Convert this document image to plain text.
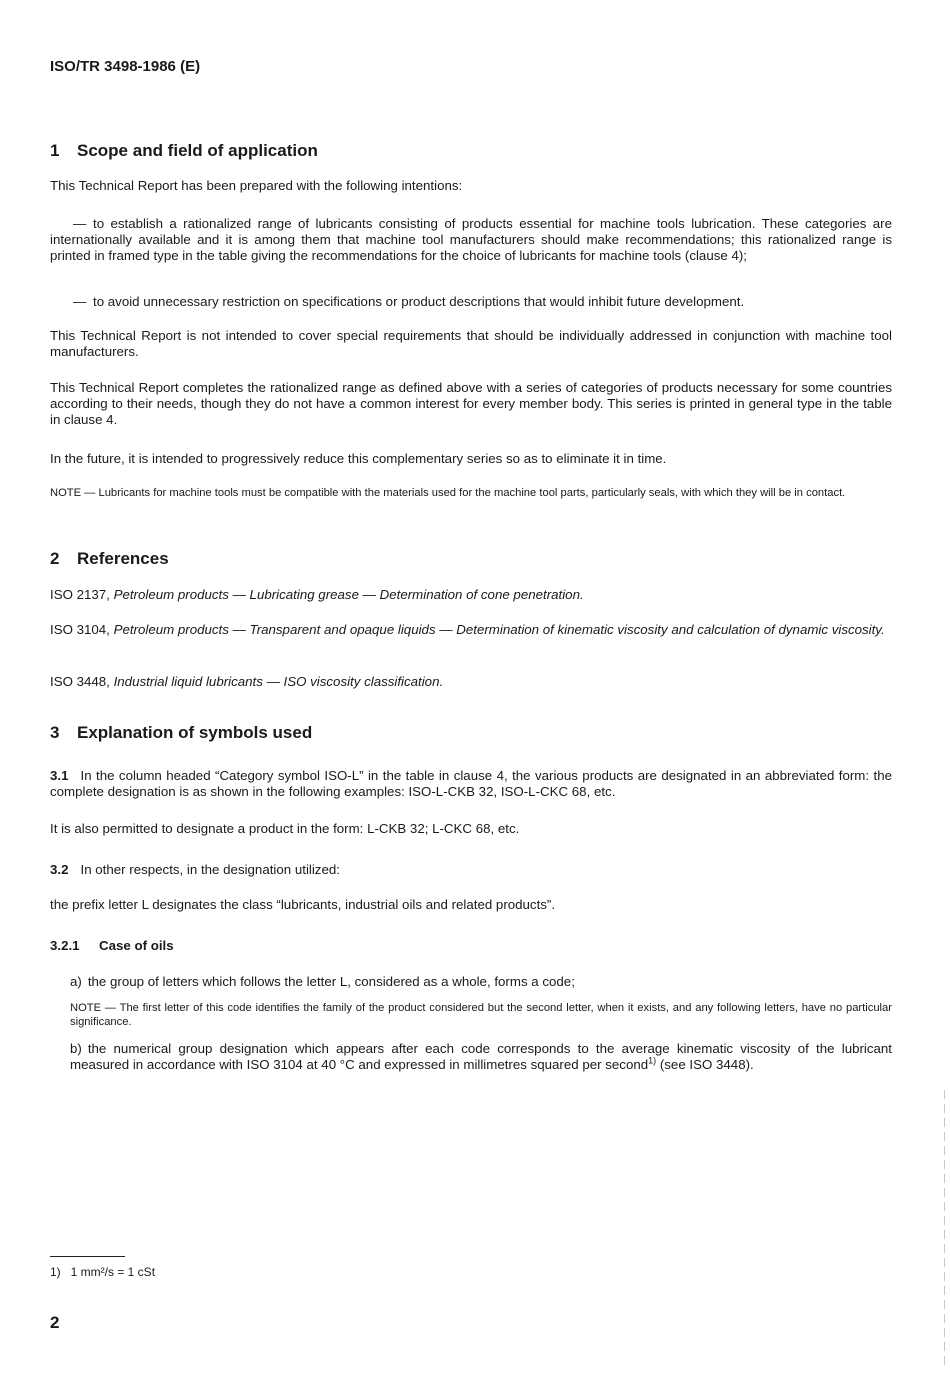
ISO/TR 3498-1986 (E)
1 Scope and field of application

This Technical Report has been prepared with the following intentions:

— to establish a rationalized range of lubricants consisting of products essential for machine tools lubrication. These categories are internationally available and it is among them that machine tool manufacturers should make recommendations; this rationalized range is printed in framed type in the table giving the recommendations for the choice of lubricants for machine tools (clause 4);

— to avoid unnecessary restriction on specifications or product descriptions that would inhibit future development.

This Technical Report is not intended to cover special requirements that should be individually addressed in conjunction with machine tool manufacturers.

This Technical Report completes the rationalized range as defined above with a series of categories of products necessary for some countries according to their needs, though they do not have a common interest for every member body. This series is printed in general type in the table in clause 4.

In the future, it is intended to progressively reduce this complementary series so as to eliminate it in time.

NOTE — Lubricants for machine tools must be compatible with the materials used for the machine tool parts, particularly seals, with which they will be in contact.

2 References

ISO 2137, Petroleum products — Lubricating grease — Determination of cone penetration.

ISO 3104, Petroleum products — Transparent and opaque liquids — Determination of kinematic viscosity and calculation of dynamic viscosity.

ISO 3448, Industrial liquid lubricants — ISO viscosity classification.

3 Explanation of symbols used

3.1 In the column headed “Category symbol ISO-L” in the table in clause 4, the various products are designated in an abbreviated form: the complete designation is as shown in the following examples: ISO-L-CKB 32, ISO-L-CKC 68, etc.

It is also permitted to designate a product in the form: L-CKB 32; L-CKC 68, etc.

3.2 In other respects, in the designation utilized:

the prefix letter L designates the class “lubricants, industrial oils and related products”.

3.2.1 Case of oils

a) the group of letters which follows the letter L, considered as a whole, forms a code;

NOTE — The first letter of this code identifies the family of the product considered but the second letter, when it exists, and any following letters, have no particular significance.

b) the numerical group designation which appears after each code corresponds to the average kinematic viscosity of the lubricant measured in accordance with ISO 3104 at 40 °C and expressed in millimetres squared per second$^{1)}$ (see ISO 3448).

1) 1 mm²/s = 1 cSt
2
